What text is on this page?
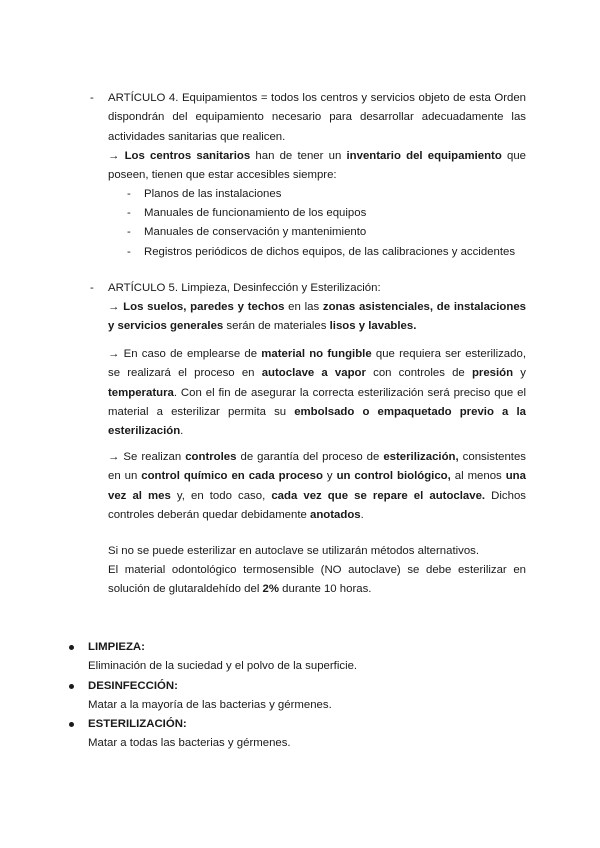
- ARTÍCULO 4. Equipamientos = todos los centros y servicios objeto de esta Orden dispondrán del equipamiento necesario para desarrollar adecuadamente las actividades sanitarias que realicen.

→ Los centros sanitarios han de tener un inventario del equipamiento que poseen, tienen que estar accesibles siempre:

- Planos de las instalaciones
- Manuales de funcionamiento de los equipos
- Manuales de conservación y mantenimiento
- Registros periódicos de dichos equipos, de las calibraciones y accidentes
- ARTÍCULO 5. Limpieza, Desinfección y Esterilización:

→ Los suelos, paredes y techos en las zonas asistenciales, de instalaciones y servicios generales serán de materiales lisos y lavables.

→ En caso de emplearse de material no fungible que requiera ser esterilizado, se realizará el proceso en autoclave a vapor con controles de presión y temperatura. Con el fin de asegurar la correcta esterilización será preciso que el material a esterilizar permita su embolsado o empaquetado previo a la esterilización.

→ Se realizan controles de garantía del proceso de esterilización, consistentes en un control químico en cada proceso y un control biológico, al menos una vez al mes y, en todo caso, cada vez que se repare el autoclave. Dichos controles deberán quedar debidamente anotados.

Si no se puede esterilizar en autoclave se utilizarán métodos alternativos.

El material odontológico termosensible (NO autoclave) se debe esterilizar en solución de glutaraldehído del 2% durante 10 horas.

LIMPIEZA:
Eliminación de la suciedad y el polvo de la superficie.
DESINFECCIÓN:
Matar a la mayoría de las bacterias y gérmenes.
ESTERILIZACIÓN:
Matar a todas las bacterias y gérmenes.
